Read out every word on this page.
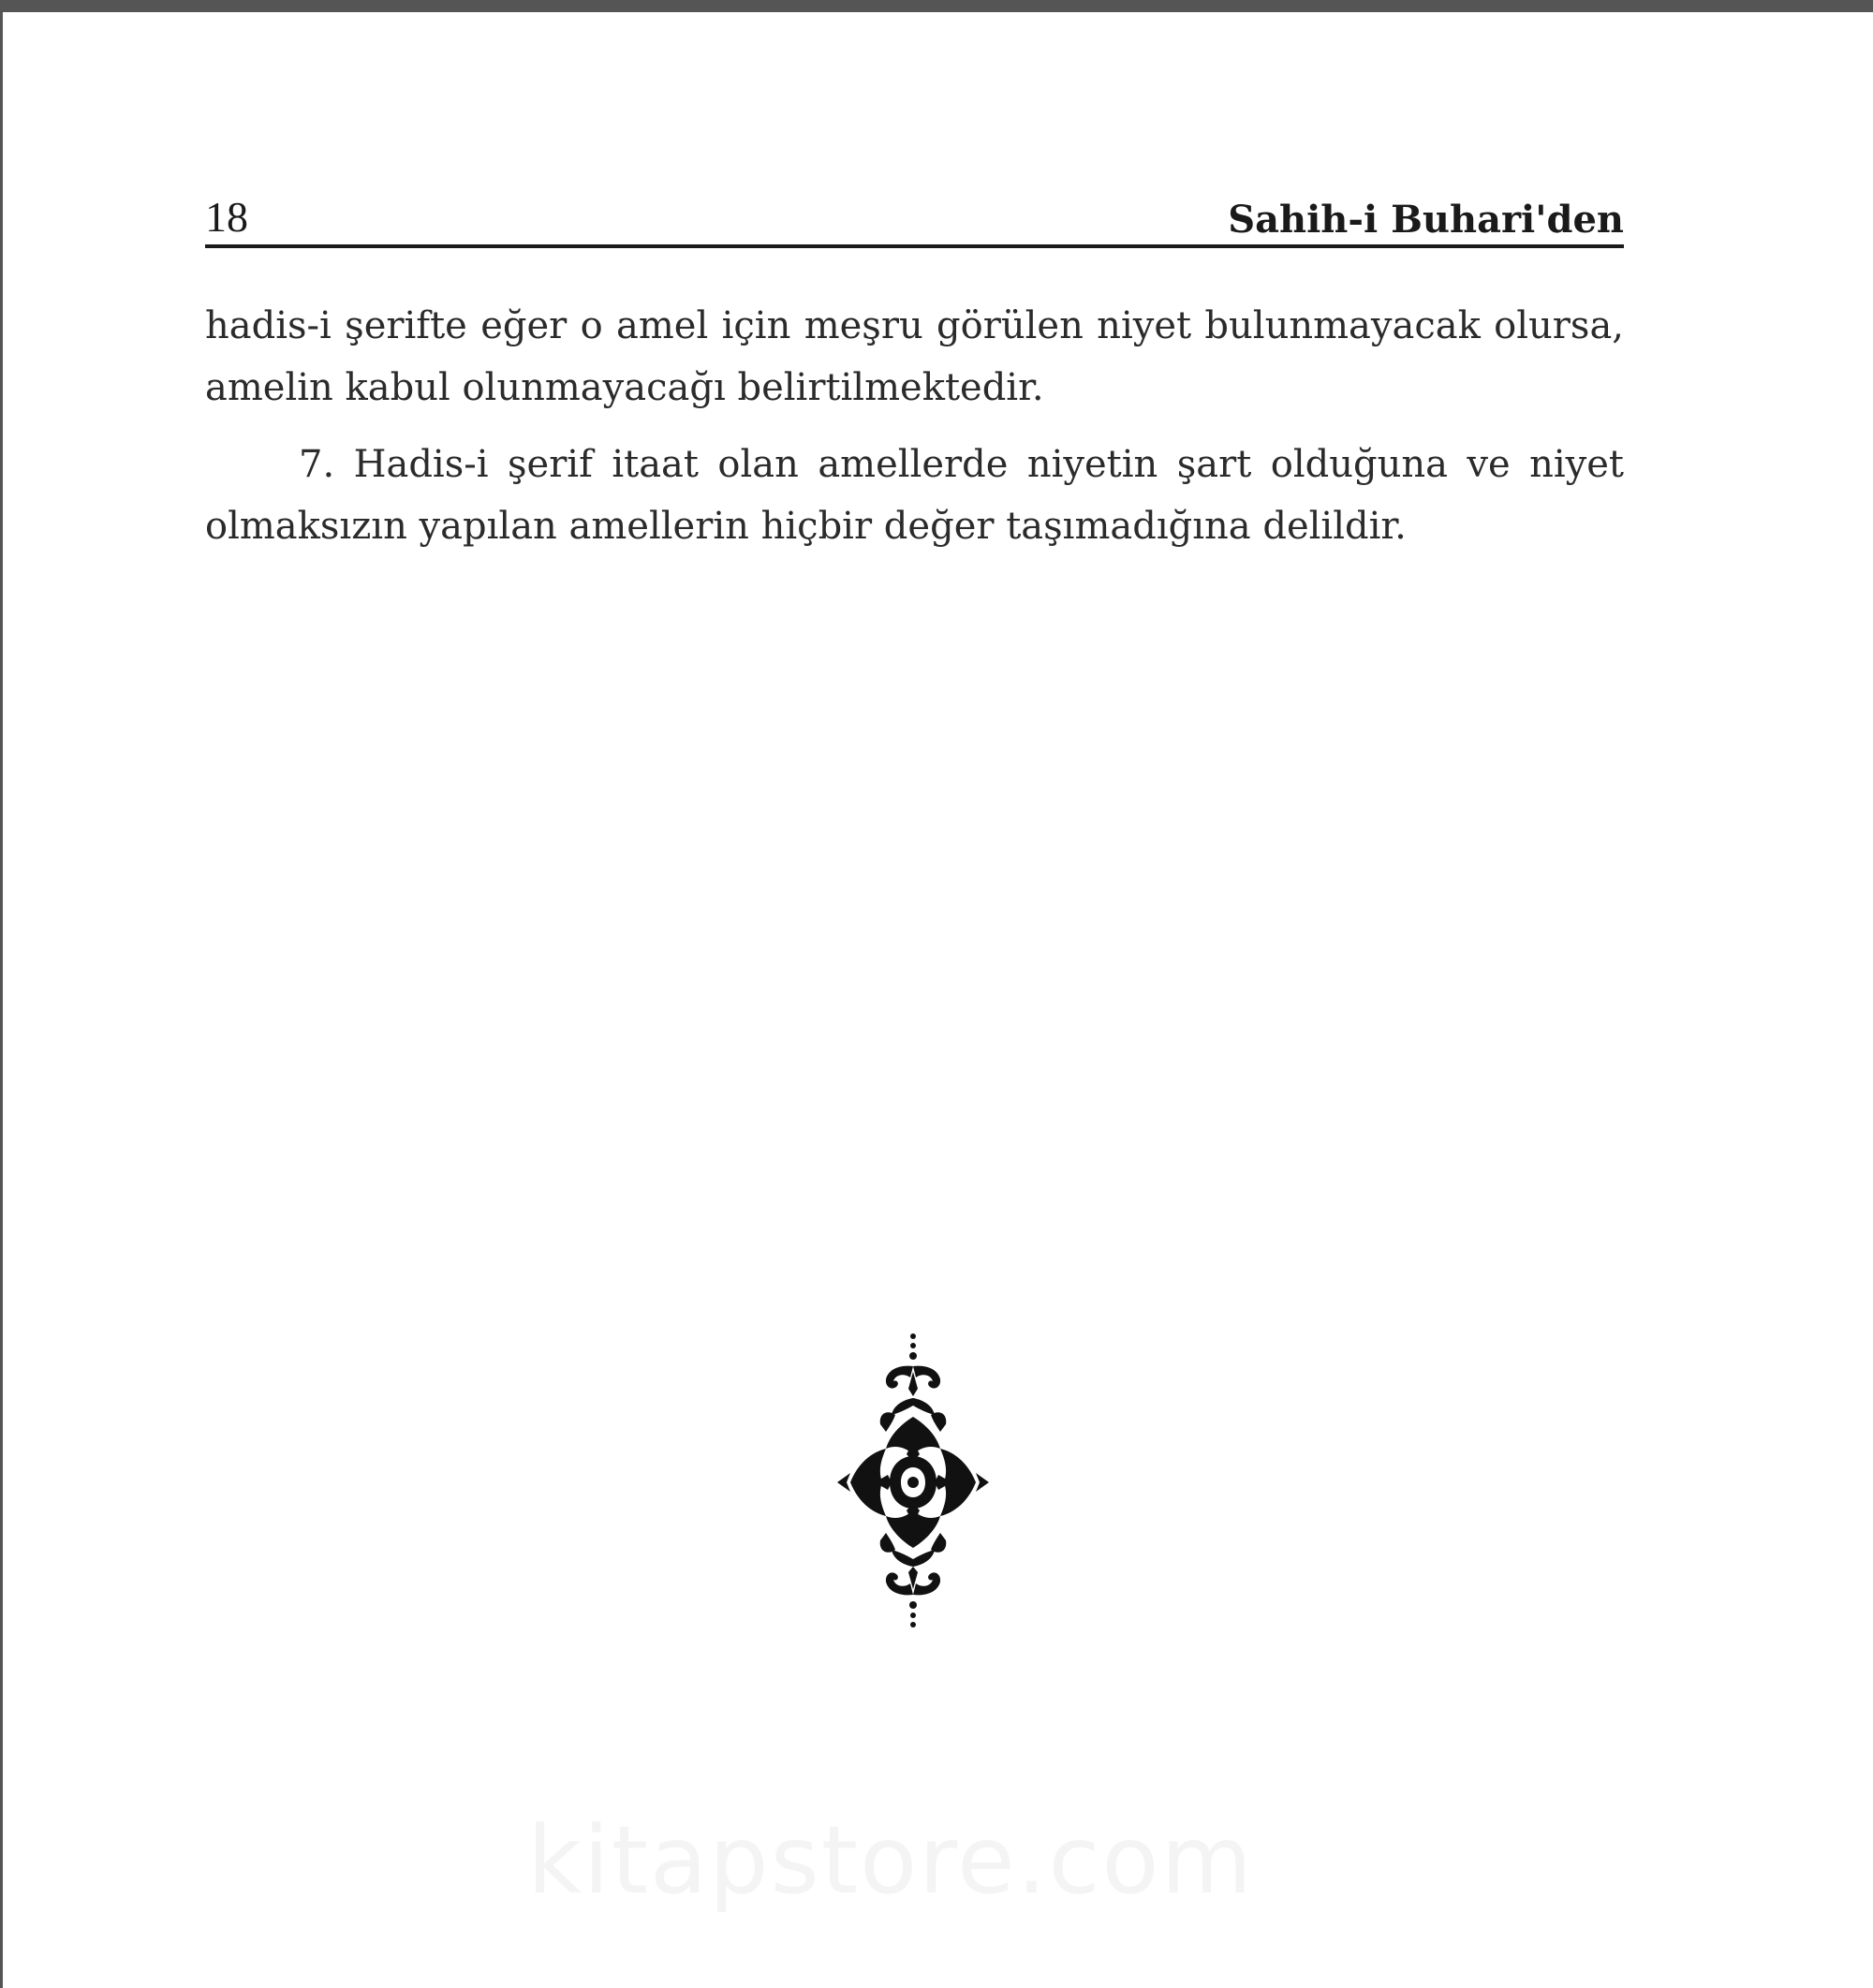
18	Sahih-i Buhari'den

hadis-i şerifte eğer o amel için meşru görülen niyet bulunmayacak olursa, amelin kabul olunmayacağı belirtilmektedir.

7. Hadis-i şerif itaat olan amellerde niyetin şart olduğuna ve niyet olmaksızın yapılan amellerin hiçbir değer taşımadığına delildir.

kitapstore.com
